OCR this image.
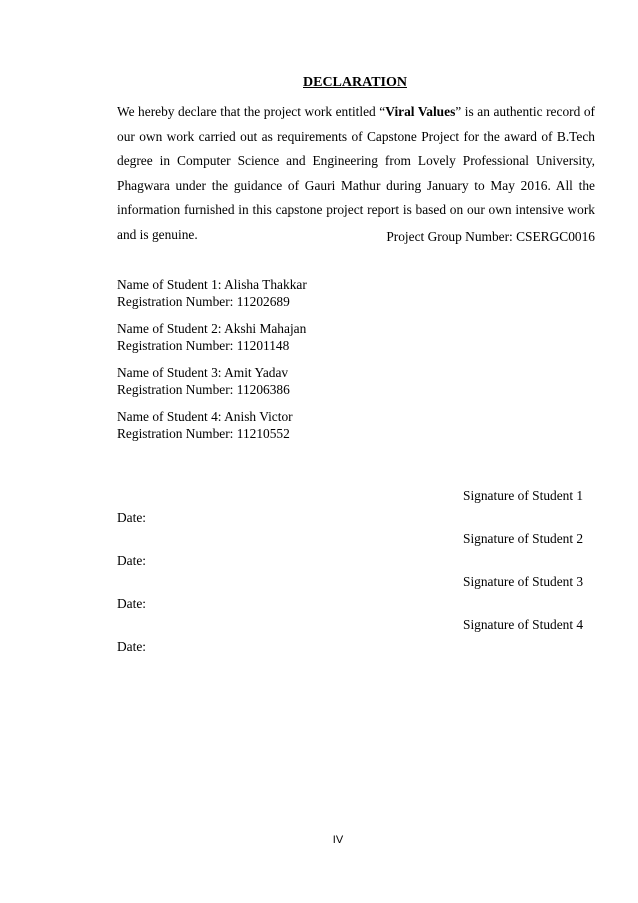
DECLARATION

We hereby declare that the project work entitled “Viral Values” is an authentic record of our own work carried out as requirements of Capstone Project for the award of B.Tech degree in Computer Science and Engineering from Lovely Professional University, Phagwara under the guidance of Gauri Mathur during January to May 2016. All the information furnished in this capstone project report is based on our own intensive work and is genuine.	Project Group Number: CSERGC0016
Name of Student 1: Alisha Thakkar
Registration Number: 11202689
Name of Student 2: Akshi Mahajan
Registration Number: 11201148
Name of Student 3: Amit Yadav
Registration Number: 11206386
Name of Student 4: Anish Victor
Registration Number: 11210552
Signature of Student 1
Date:
Signature of Student 2
Date:
Signature of Student 3
Date:
Signature of Student 4
Date:
IV
